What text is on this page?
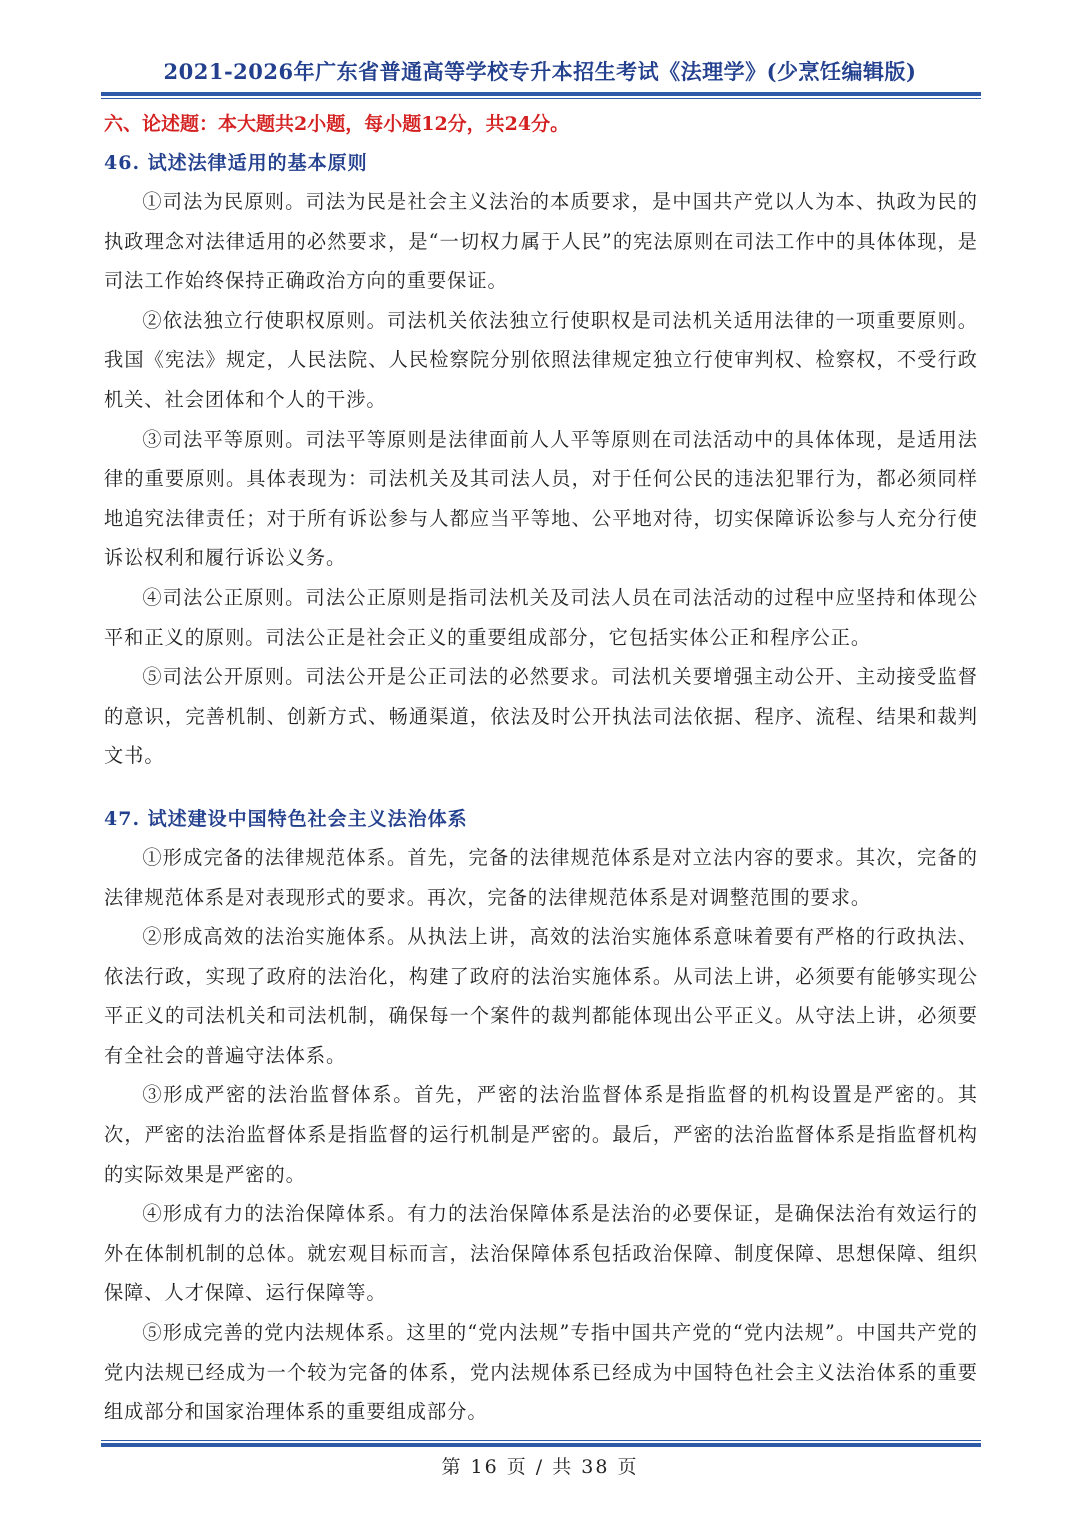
2021-2026年广东省普通高等学校专升本招生考试《法理学》(少烹饪编辑版)

六、论述题：本大题共2小题，每小题12分，共24分。

46. 试述法律适用的基本原则

①司法为民原则。司法为民是社会主义法治的本质要求，是中国共产党以人为本、执政为民的执政理念对法律适用的必然要求，是“一切权力属于人民”的宪法原则在司法工作中的具体体现，是司法工作始终保持正确政治方向的重要保证。

②依法独立行使职权原则。司法机关依法独立行使职权是司法机关适用法律的一项重要原则。我国《宪法》规定，人民法院、人民检察院分别依照法律规定独立行使审判权、检察权，不受行政机关、社会团体和个人的干涉。

③司法平等原则。司法平等原则是法律面前人人平等原则在司法活动中的具体体现，是适用法律的重要原则。具体表现为：司法机关及其司法人员，对于任何公民的违法犯罪行为，都必须同样地追究法律责任；对于所有诉讼参与人都应当平等地、公平地对待，切实保障诉讼参与人充分行使诉讼权利和履行诉讼义务。

④司法公正原则。司法公正原则是指司法机关及司法人员在司法活动的过程中应坚持和体现公平和正义的原则。司法公正是社会正义的重要组成部分，它包括实体公正和程序公正。

⑤司法公开原则。司法公开是公正司法的必然要求。司法机关要增强主动公开、主动接受监督的意识，完善机制、创新方式、畅通渠道，依法及时公开执法司法依据、程序、流程、结果和裁判文书。

47. 试述建设中国特色社会主义法治体系

①形成完备的法律规范体系。首先，完备的法律规范体系是对立法内容的要求。其次，完备的法律规范体系是对表现形式的要求。再次，完备的法律规范体系是对调整范围的要求。

②形成高效的法治实施体系。从执法上讲，高效的法治实施体系意味着要有严格的行政执法、依法行政，实现了政府的法治化，构建了政府的法治实施体系。从司法上讲，必须要有能够实现公平正义的司法机关和司法机制，确保每一个案件的裁判都能体现出公平正义。从守法上讲，必须要有全社会的普遍守法体系。

③形成严密的法治监督体系。首先，严密的法治监督体系是指监督的机构设置是严密的。其次，严密的法治监督体系是指监督的运行机制是严密的。最后，严密的法治监督体系是指监督机构的实际效果是严密的。

④形成有力的法治保障体系。有力的法治保障体系是法治的必要保证，是确保法治有效运行的外在体制机制的总体。就宏观目标而言，法治保障体系包括政治保障、制度保障、思想保障、组织保障、人才保障、运行保障等。

⑤形成完善的党内法规体系。这里的“党内法规”专指中国共产党的“党内法规”。中国共产党的党内法规已经成为一个较为完备的体系，党内法规体系已经成为中国特色社会主义法治体系的重要组成部分和国家治理体系的重要组成部分。

第 16 页 / 共 38 页
